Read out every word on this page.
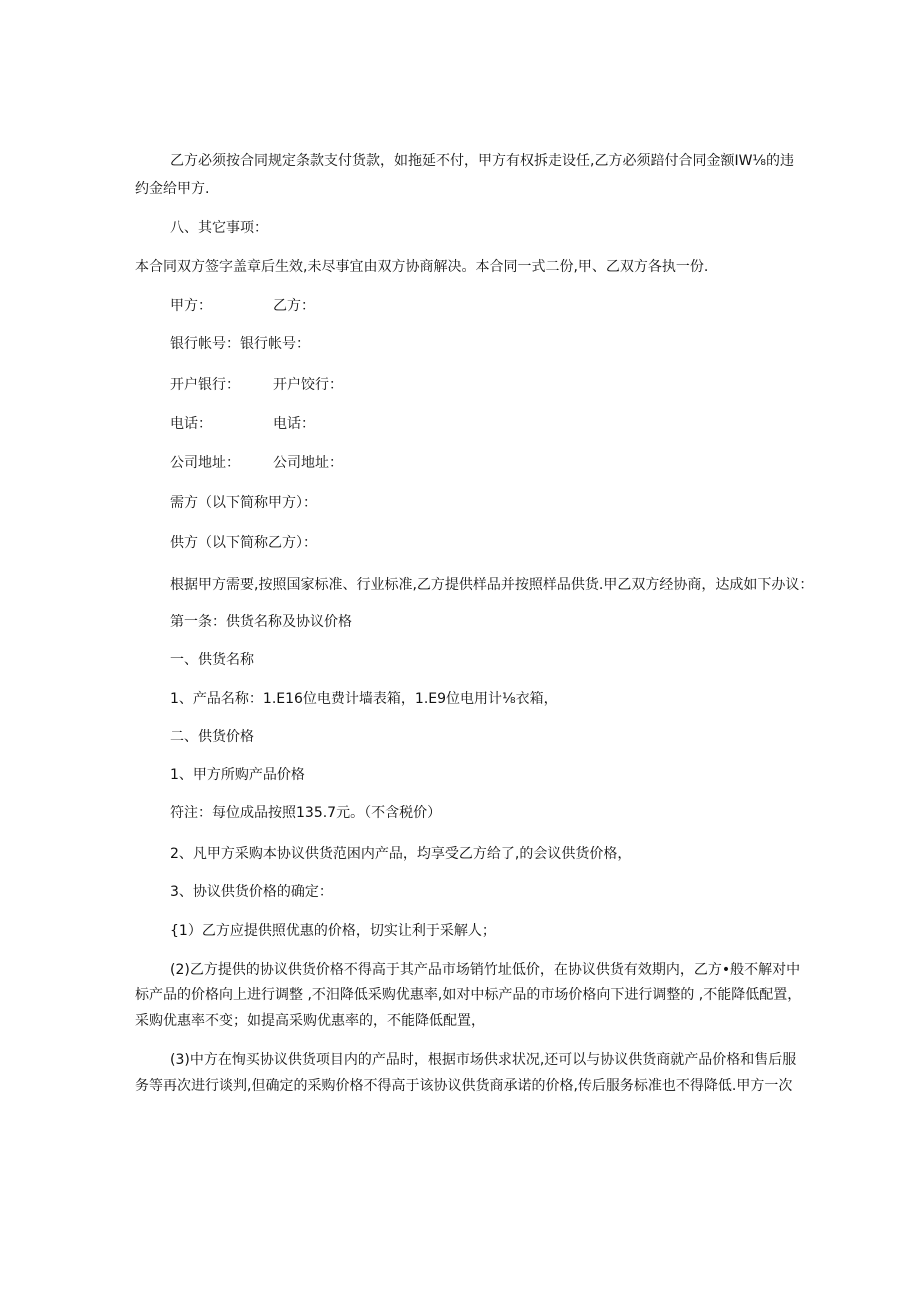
乙方必须按合同规定条款支付货款，如拖延不付，甲方有权拆走设任,乙方必须踣付合同金额IW⅛的违
约金给甲方.
八、其它事项：
本合同双方签字盖章后生效,未尽事宜由双方协商解决。本合同一式二份,甲、乙双方各执一份.
甲方：	乙方：
银行帐号：银行帐号：
开户银行： 开户饺行：
电话：	电话：
公司地址： 公司地址：
需方（以下简称甲方）：
供方（以下简称乙方）：
根据甲方需要,按照国家标准、行业标准,乙方提供样品并按照样品供货.甲乙双方经协商，达成如下办议：
第一条：供货名称及协议价格
一、供货名称
1、产品名称：1.E16位电费计墙表箱，1.E9位电用计⅛衣箱，
二、供货价格
1、甲方所购产品价格
符注：每位成品按照135.7元。（不含税价）
2、凡甲方采购本协议供货范困内产品，均享受乙方给了,的会议供货价格，
3、协议供货价格的确定：
{1）乙方应提供照优惠的价格，切实让利于采解人；
(2)乙方提供的协议供货价格不得高于其产品市场销竹址低价，在协议供货有效期内，乙方•般不解对中
标产品的价格向上进行调整 ,不汨降低采购优惠率,如对中标产品的市场价格向下进行调整的 ,不能降低配置，
采购优惠率不变；如提高采购优惠率的，不能降低配置，
(3)中方在恂买协议供货项目内的产品时，根据市场供求状况,还可以与协议供货商就产品价格和售后服
务等再次进行谈判,但确定的采购价格不得高于该协议供货商承诺的价格,传后服务标准也不得降低.甲方一次
